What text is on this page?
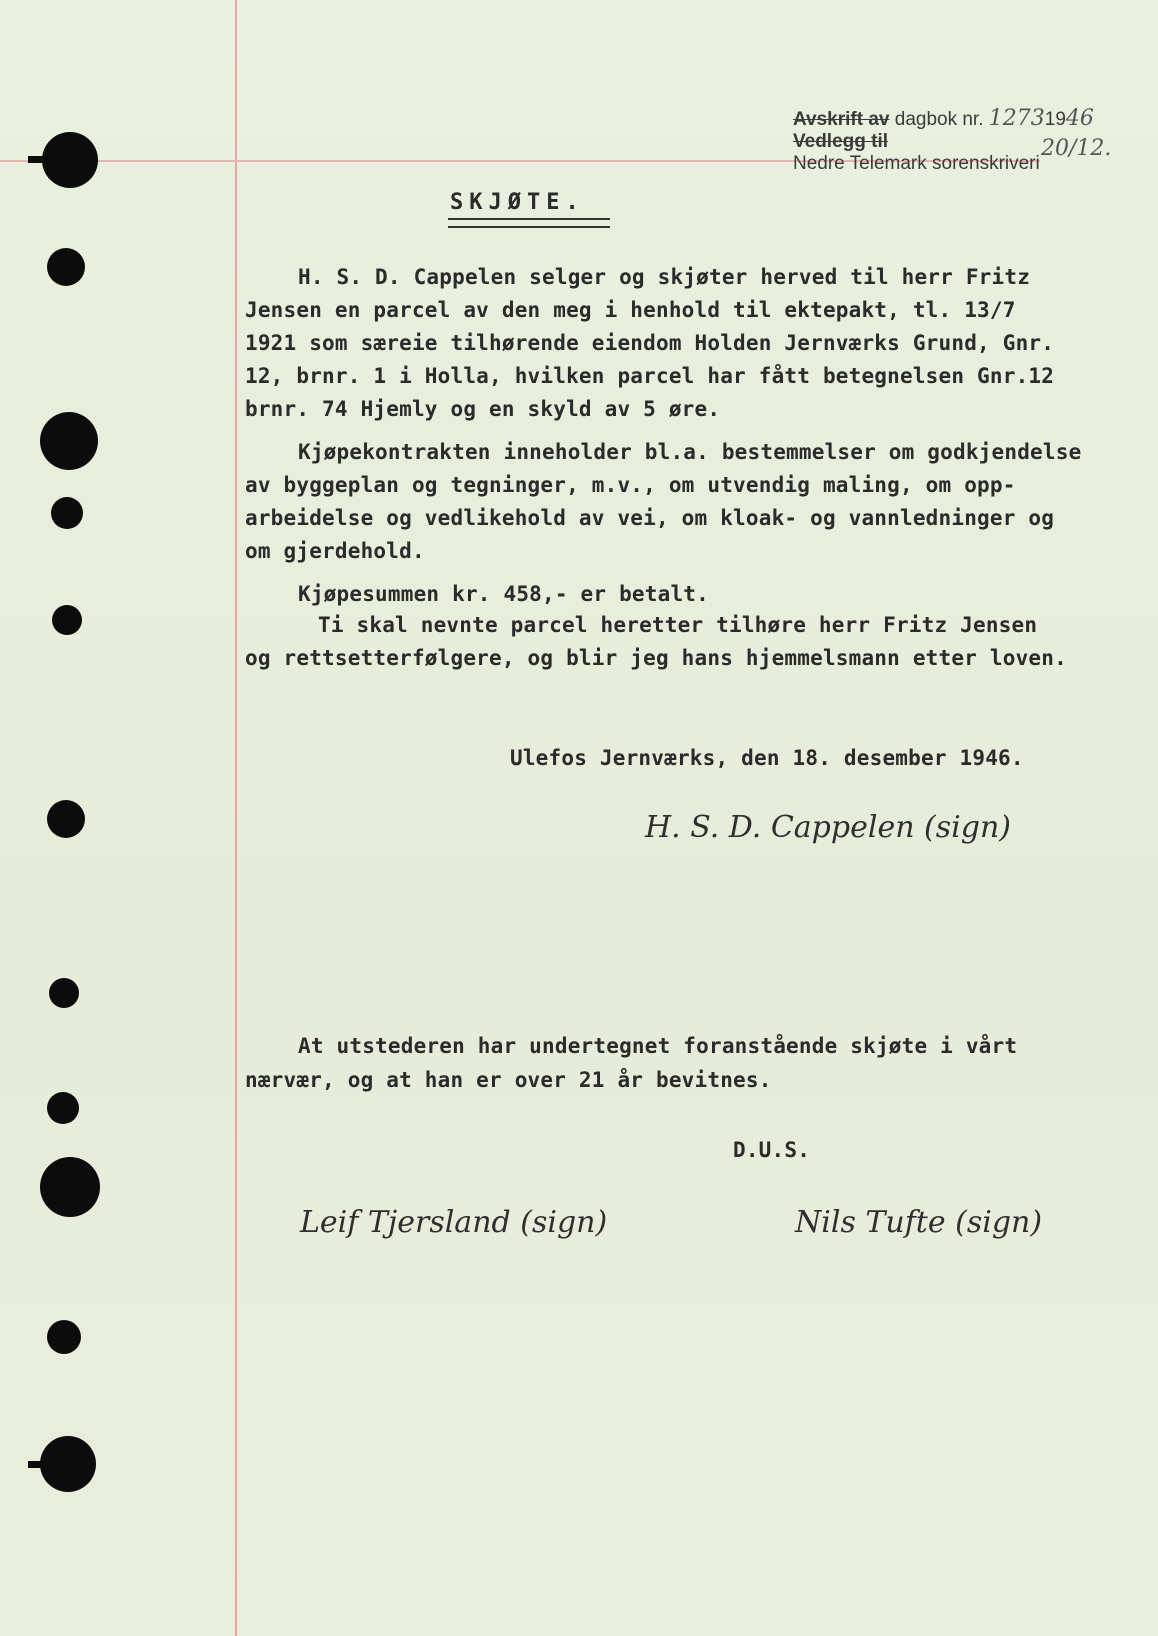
Avskrift av dagbok nr. 12731946
Vedlegg til
Nedre Telemark sorenskriveri
20/12.
SKJØTE.
H. S. D. Cappelen selger og skjøter herved til herr Fritz
Jensen en parcel av den meg i henhold til ektepakt, tl. 13/7
1921 som særeie tilhørende eiendom Holden Jernværks Grund, Gnr.
12, brnr. 1 i Holla, hvilken parcel har fått betegnelsen Gnr.12
brnr. 74 Hjemly og en skyld av 5 øre.
Kjøpekontrakten inneholder bl.a. bestemmelser om godkjendelse
av byggeplan og tegninger, m.v., om utvendig maling, om opp-
arbeidelse og vedlikehold av vei, om kloak- og vannledninger og
om gjerdehold.
Kjøpesummen kr. 458,- er betalt.
Ti skal nevnte parcel heretter tilhøre herr Fritz Jensen
og rettsetterfølgere, og blir jeg hans hjemmelsmann etter loven.
Ulefos Jernværks, den 18. desember 1946.
H. S. D. Cappelen (sign)
At utstederen har undertegnet foranstående skjøte i vårt
nærvær, og at han er over 21 år bevitnes.
D.U.S.
Leif Tjersland (sign)	Nils Tufte (sign)
